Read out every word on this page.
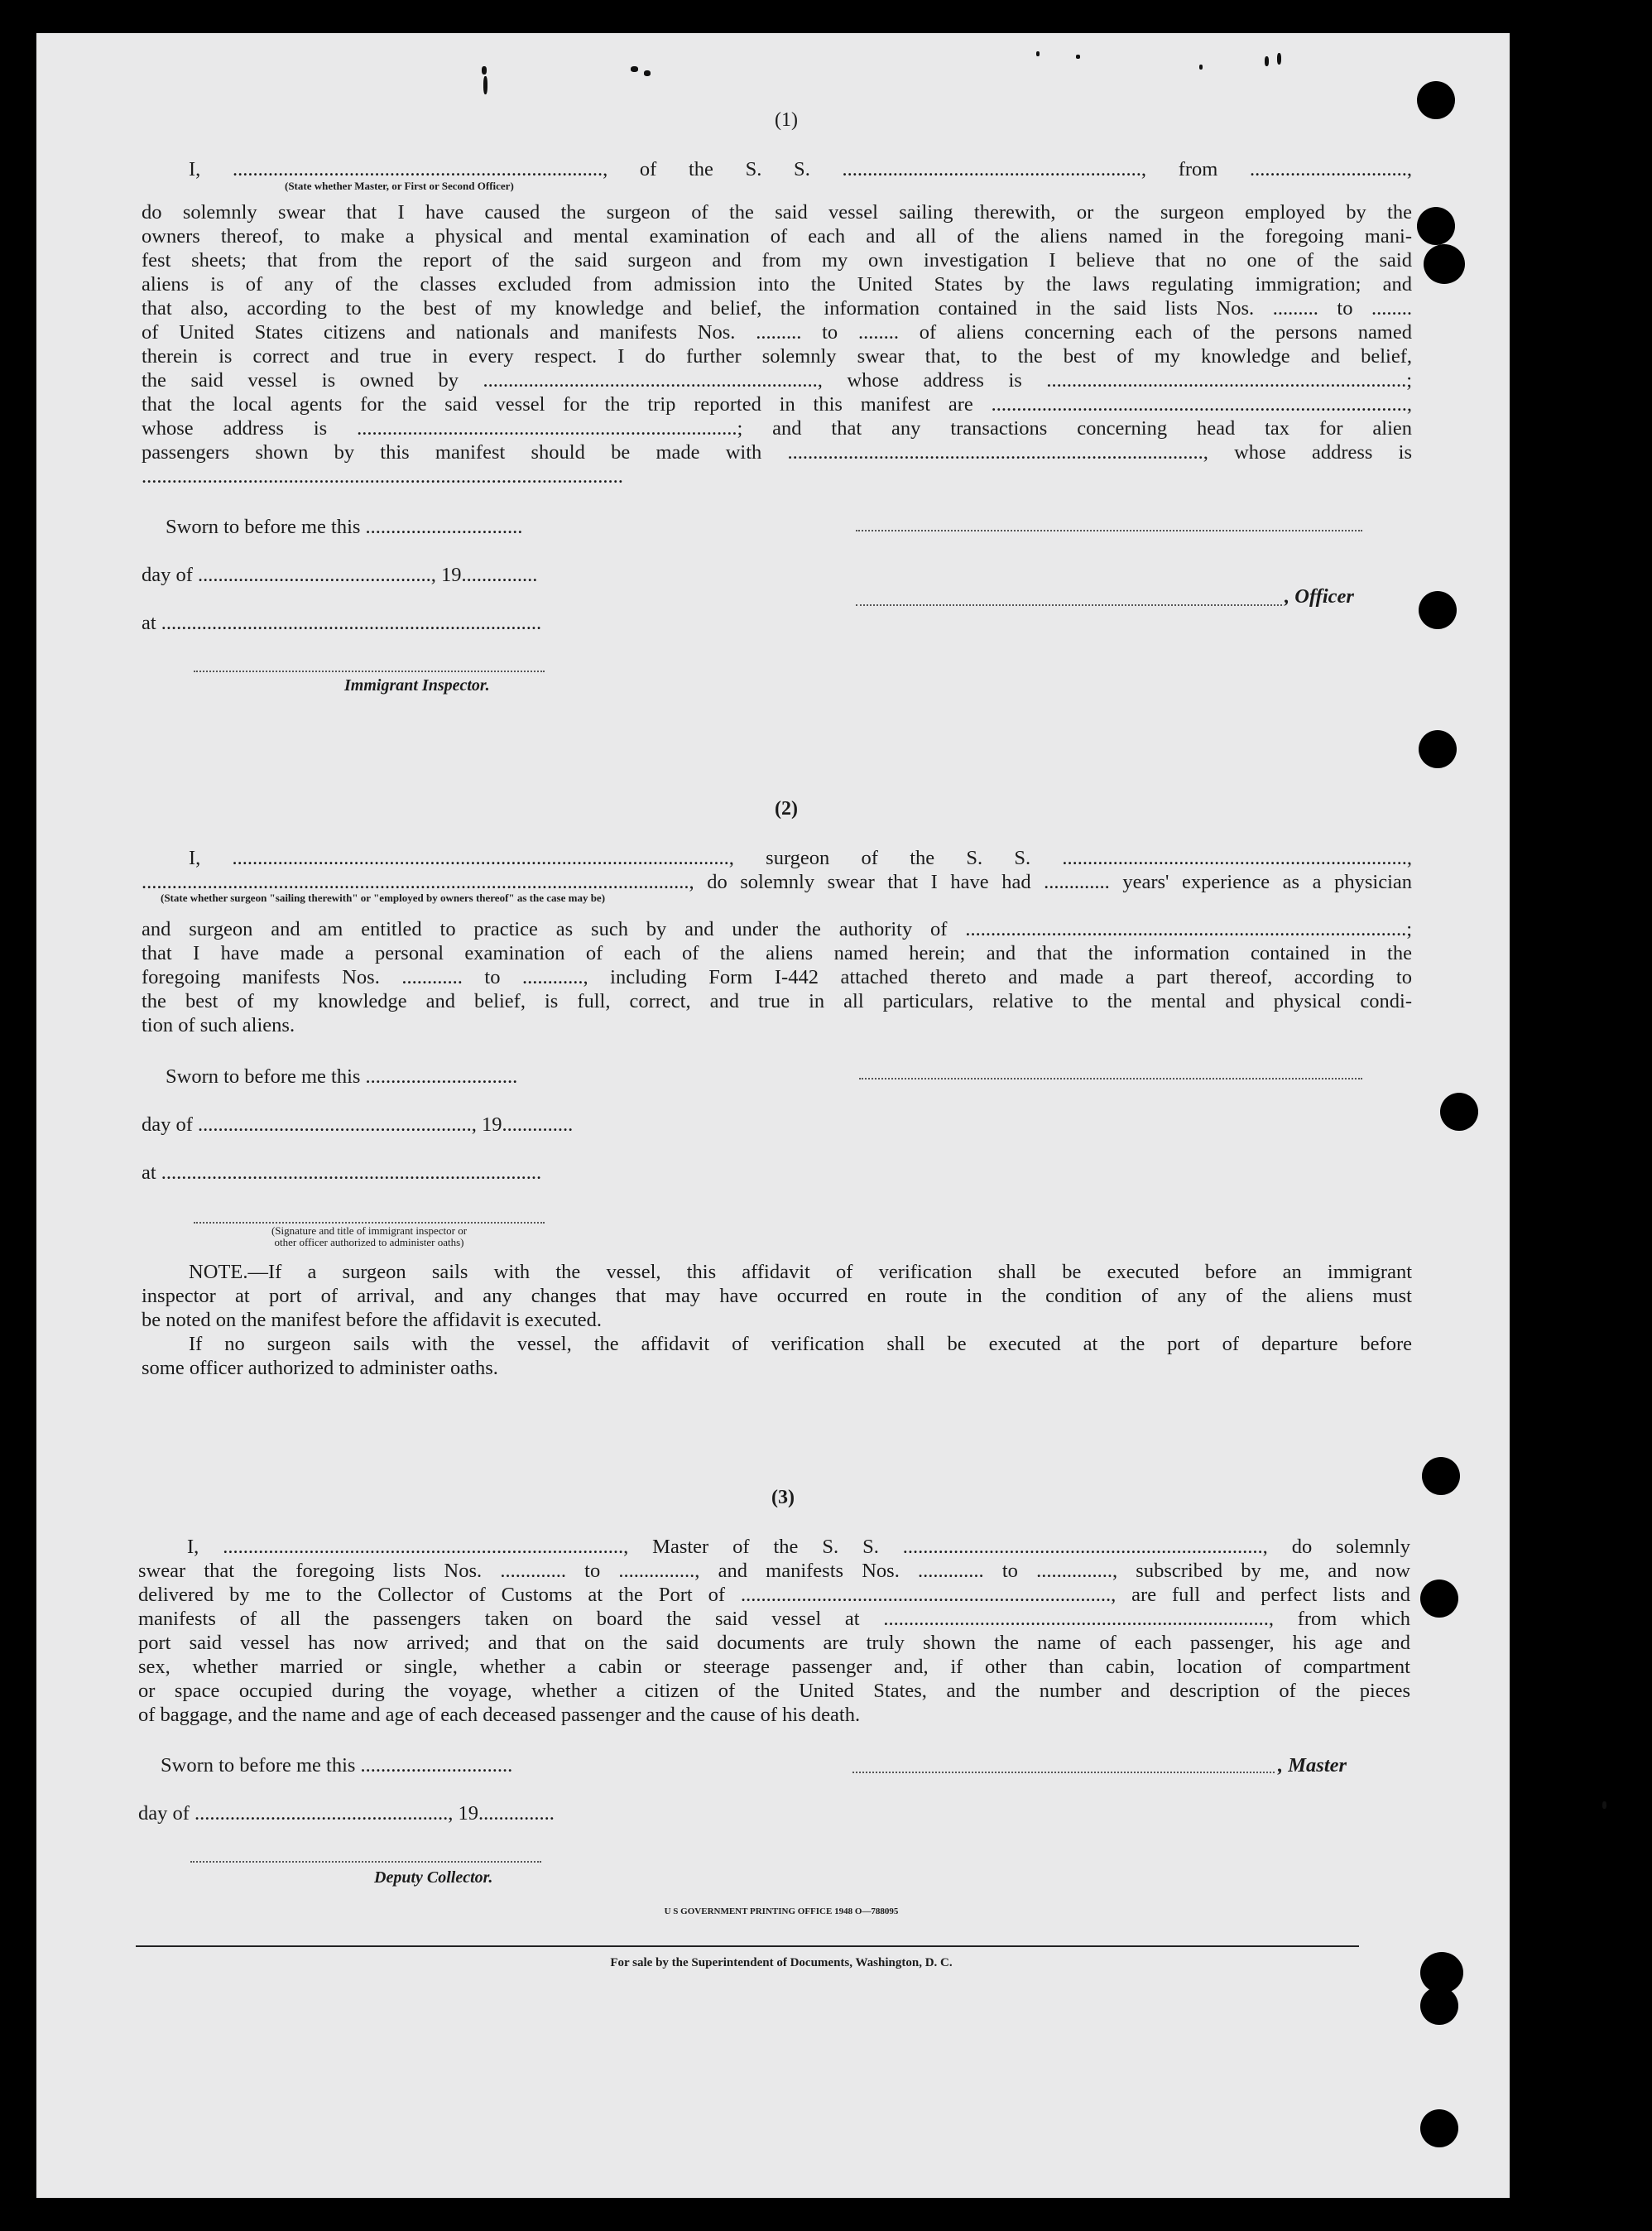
(1)
I, ........................................................................., of the S. S. ..........................................................., from ...............................,
(State whether Master, or First or Second Officer)
do solemnly swear that I have caused the surgeon of the said vessel sailing therewith, or the surgeon employed by the
owners thereof, to make a physical and mental examination of each and all of the aliens named in the foregoing mani-
fest sheets; that from the report of the said surgeon and from my own investigation I believe that no one of the said
aliens is of any of the classes excluded from admission into the United States by the laws regulating immigration; and
that also, according to the best of my knowledge and belief, the information contained in the said lists Nos. ......... to ........
of United States citizens and nationals and manifests Nos. ......... to ........ of aliens concerning each of the persons named
therein is correct and true in every respect. I do further solemnly swear that, to the best of my knowledge and belief,
the said vessel is owned by .................................................................., whose address is .......................................................................;
that the local agents for the said vessel for the trip reported in this manifest are ..................................................................................,
whose address is ...........................................................................; and that any transactions concerning head tax for alien
passengers shown by this manifest should be made with .................................................................................., whose address is
...............................................................................................
Sworn to before me this ...............................
day of .............................................., 19...............
at ...........................................................................
Immigrant Inspector.
, Officer
(2)
I, .................................................................................................., surgeon of the S. S. ....................................................................,
............................................................................................................, do solemnly swear that I have had ............. years' experience as a physician
(State whether surgeon "sailing therewith" or "employed by owners thereof" as the case may be)
and surgeon and am entitled to practice as such by and under the authority of .......................................................................................;
that I have made a personal examination of each of the aliens named herein; and that the information contained in the
foregoing manifests Nos. ............ to ............, including Form I-442 attached thereto and made a part thereof, according to
the best of my knowledge and belief, is full, correct, and true in all particulars, relative to the mental and physical condi-
tion of such aliens.
Sworn to before me this ..............................
day of ......................................................, 19..............
at ...........................................................................
(Signature and title of immigrant inspector or
other officer authorized to administer oaths)
NOTE.—If a surgeon sails with the vessel, this affidavit of verification shall be executed before an immigrant
inspector at port of arrival, and any changes that may have occurred en route in the condition of any of the aliens must
be noted on the manifest before the affidavit is executed.
If no surgeon sails with the vessel, the affidavit of verification shall be executed at the port of departure before
some officer authorized to administer oaths.
(3)
I, ..............................................................................., Master of the S. S. ......................................................................., do solemnly
swear that the foregoing lists Nos. ............. to ..............., and manifests Nos. ............. to ..............., subscribed by me, and now
delivered by me to the Collector of Customs at the Port of ........................................................................., are full and perfect lists and
manifests of all the passengers taken on board the said vessel at ............................................................................, from which
port said vessel has now arrived; and that on the said documents are truly shown the name of each passenger, his age and
sex, whether married or single, whether a cabin or steerage passenger and, if other than cabin, location of compartment
or space occupied during the voyage, whether a citizen of the United States, and the number and description of the pieces
of baggage, and the name and age of each deceased passenger and the cause of his death.
Sworn to before me this ..............................	, Master
day of .................................................., 19...............
Deputy Collector.
U S GOVERNMENT PRINTING OFFICE 1948 O—788095
For sale by the Superintendent of Documents, Washington, D. C.
